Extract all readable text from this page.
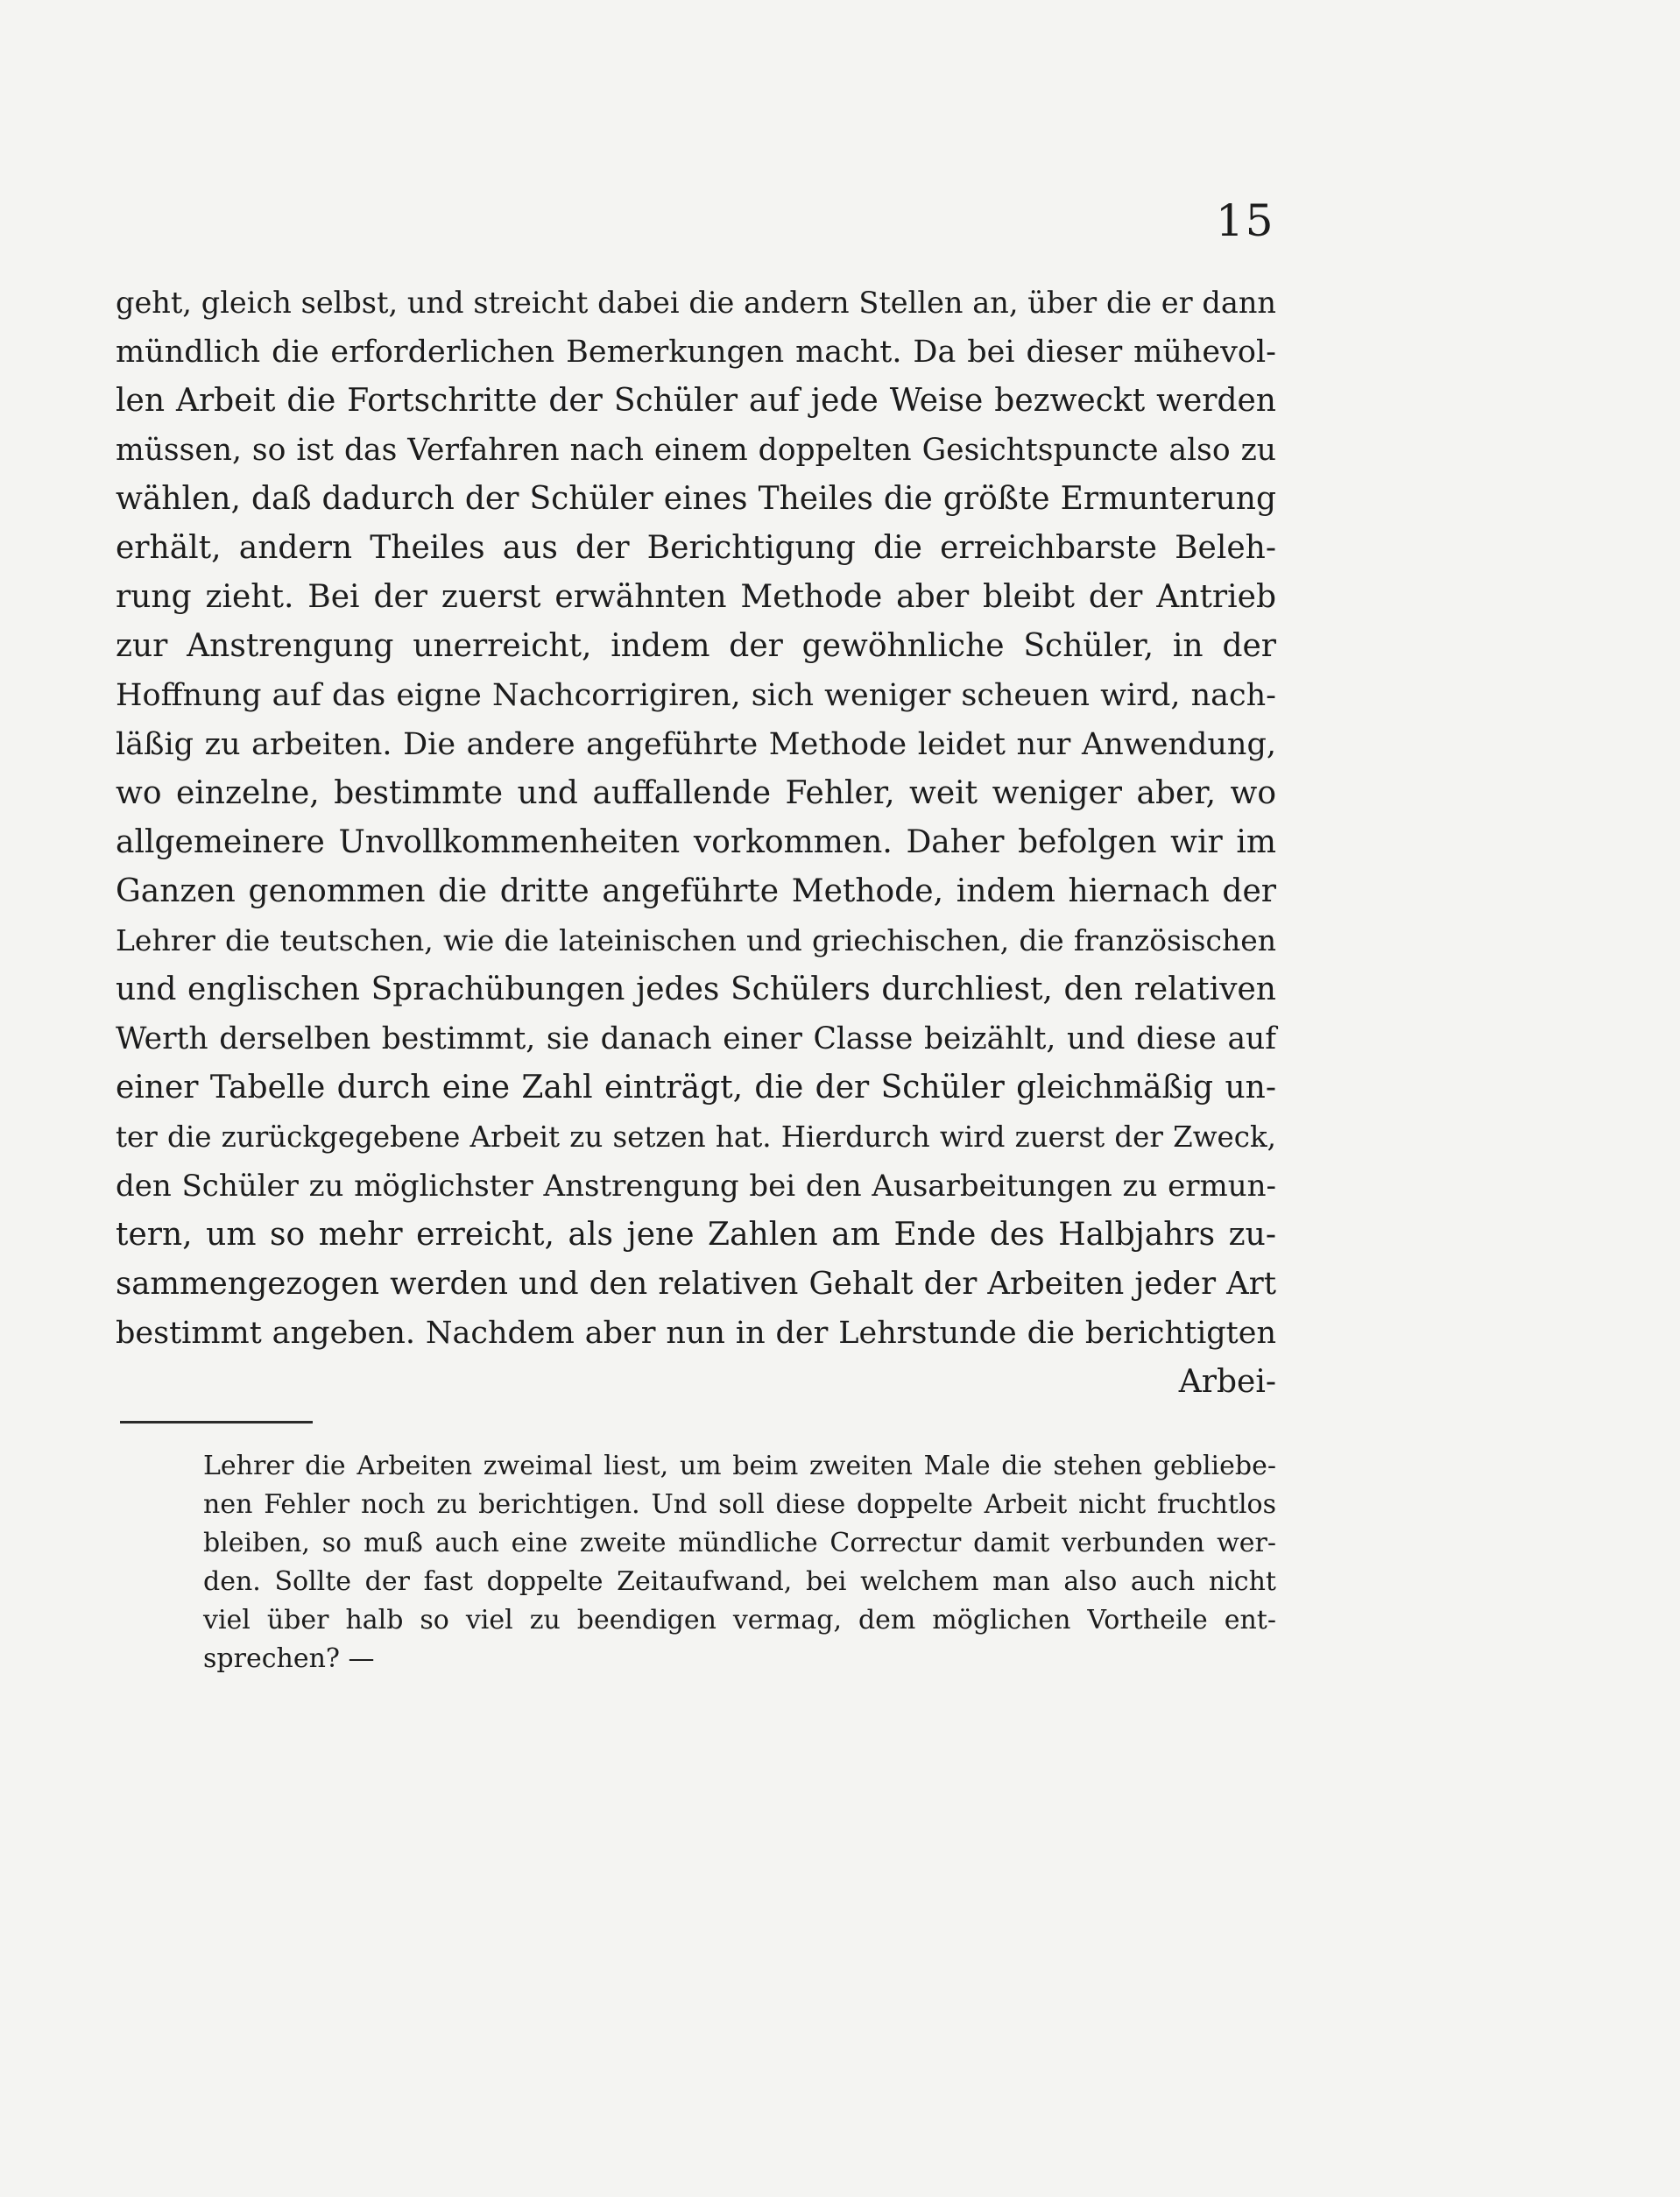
15
geht, gleich selbst, und streicht dabei die andern Stellen an, über die er dann
mündlich die erforderlichen Bemerkungen macht. Da bei dieser mühevol-
len Arbeit die Fortschritte der Schüler auf jede Weise bezweckt werden
müssen, so ist das Verfahren nach einem doppelten Gesichtspuncte also zu
wählen, daß dadurch der Schüler eines Theiles die größte Ermunterung
erhält, andern Theiles aus der Berichtigung die erreichbarste Beleh-
rung zieht. Bei der zuerst erwähnten Methode aber bleibt der Antrieb
zur Anstrengung unerreicht, indem der gewöhnliche Schüler, in der
Hoffnung auf das eigne Nachcorrigiren, sich weniger scheuen wird, nach-
läßig zu arbeiten. Die andere angeführte Methode leidet nur Anwendung,
wo einzelne, bestimmte und auffallende Fehler, weit weniger aber, wo
allgemeinere Unvollkommenheiten vorkommen. Daher befolgen wir im
Ganzen genommen die dritte angeführte Methode, indem hiernach der
Lehrer die teutschen, wie die lateinischen und griechischen, die französischen
und englischen Sprachübungen jedes Schülers durchliest, den relativen
Werth derselben bestimmt, sie danach einer Classe beizählt, und diese auf
einer Tabelle durch eine Zahl einträgt, die der Schüler gleichmäßig un-
ter die zurückgegebene Arbeit zu setzen hat. Hierdurch wird zuerst der Zweck,
den Schüler zu möglichster Anstrengung bei den Ausarbeitungen zu ermun-
tern, um so mehr erreicht, als jene Zahlen am Ende des Halbjahrs zu-
sammengezogen werden und den relativen Gehalt der Arbeiten jeder Art
bestimmt angeben. Nachdem aber nun in der Lehrstunde die berichtigten
Arbei-
Lehrer die Arbeiten zweimal liest, um beim zweiten Male die stehen gebliebe-
nen Fehler noch zu berichtigen. Und soll diese doppelte Arbeit nicht fruchtlos
bleiben, so muß auch eine zweite mündliche Correctur damit verbunden wer-
den. Sollte der fast doppelte Zeitaufwand, bei welchem man also auch nicht
viel über halb so viel zu beendigen vermag, dem möglichen Vortheile ent-
sprechen? —
